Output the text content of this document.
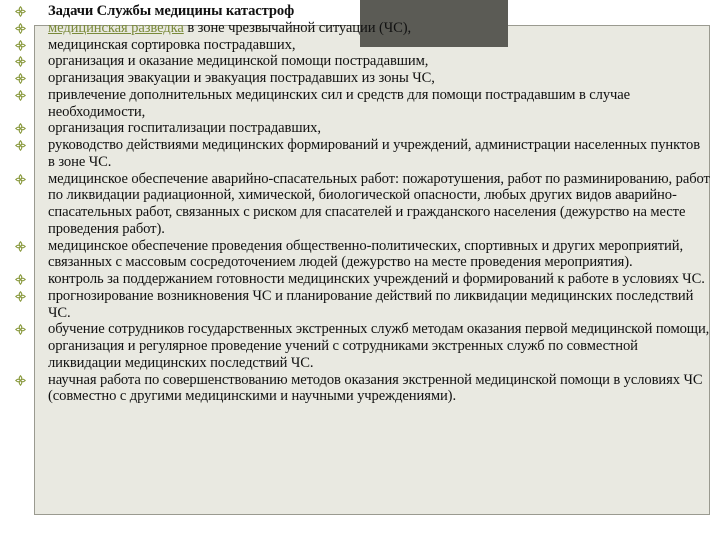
Задачи Службы медицины катастроф
медицинская разведка в зоне чрезвычайной ситуации (ЧС),
медицинская сортировка пострадавших,
организация и оказание медицинской помощи пострадавшим,
организация эвакуации и эвакуация пострадавших из зоны ЧС,
привлечение дополнительных медицинских сил и средств для помощи пострадавшим в случае необходимости,
организация госпитализации пострадавших,
руководство действиями медицинских формирований и учреждений, администрации населенных пунктов в зоне ЧС.
медицинское обеспечение аварийно-спасательных работ: пожаротушения, работ по разминированию, работ по ликвидации радиационной, химической, биологической опасности, любых других видов аварийно-спасательных работ, связанных с риском для спасателей и гражданского населения (дежурство на месте проведения работ).
медицинское обеспечение проведения общественно-политических, спортивных и других мероприятий, связанных с массовым сосредоточением людей (дежурство на месте проведения мероприятия).
контроль за поддержанием готовности медицинских учреждений и формирований к работе в условиях ЧС.
прогнозирование возникновения ЧС и планирование действий по ликвидации медицинских последствий ЧС.
обучение сотрудников государственных экстренных служб методам оказания первой медицинской помощи, организация и регулярное проведение учений с сотрудниками экстренных служб по совместной ликвидации медицинских последствий ЧС.
научная работа по совершенствованию методов оказания экстренной медицинской помощи в условиях ЧС (совместно с другими медицинскими и научными учреждениями).
